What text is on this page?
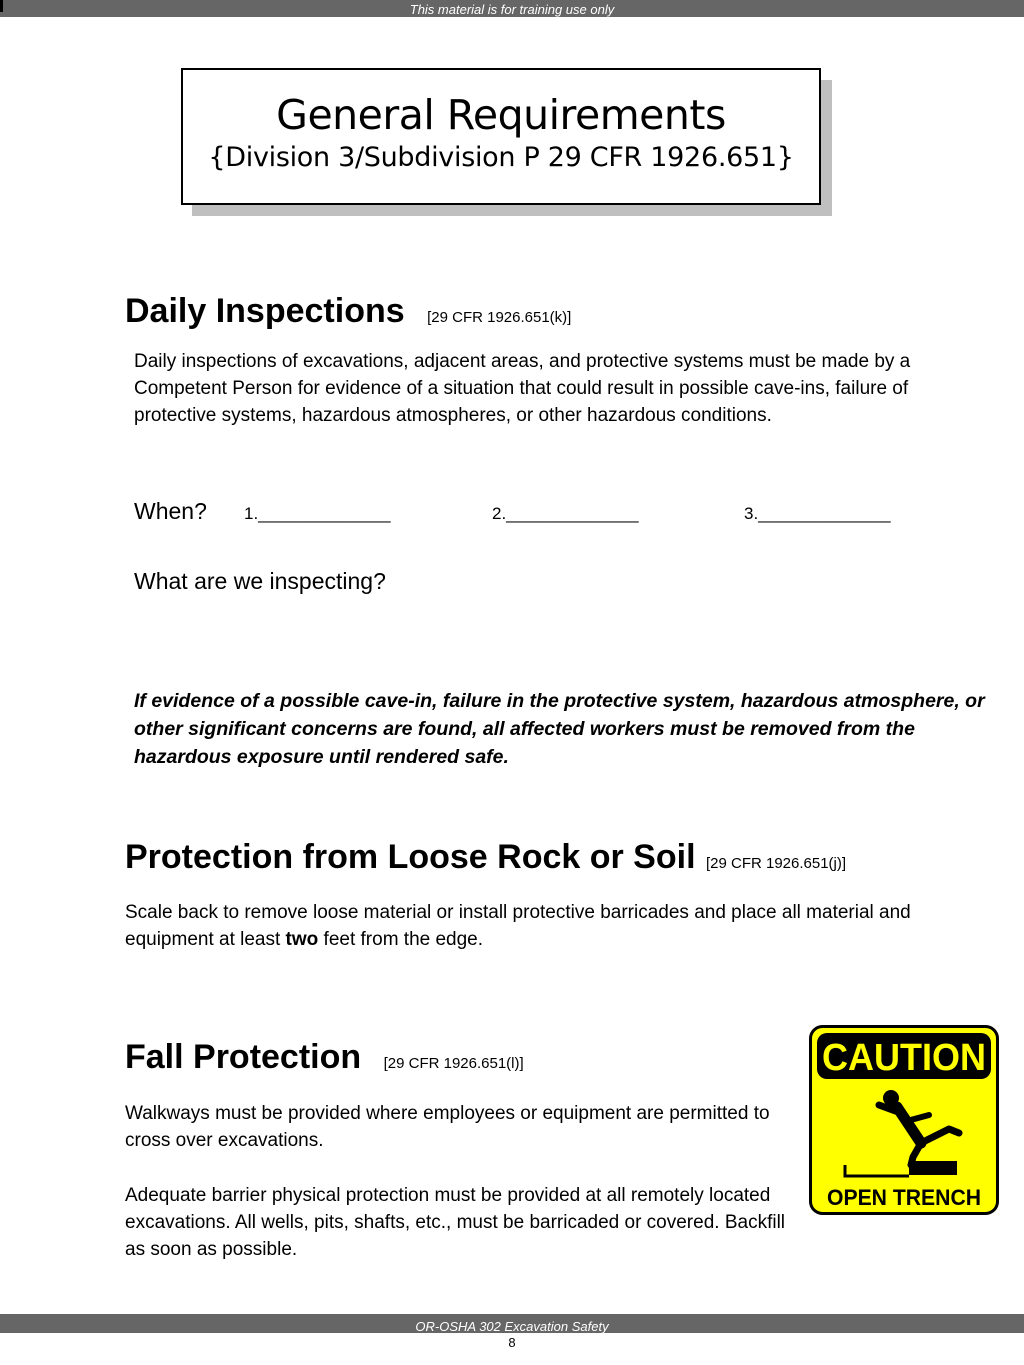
This material is for training use only
General Requirements
{Division 3/Subdivision P 29 CFR 1926.651}
Daily Inspections [29 CFR 1926.651(k)]
Daily inspections of excavations, adjacent areas, and protective systems must be made by a Competent Person for evidence of a situation that could result in possible cave-ins, failure of protective systems, hazardous atmospheres, or other hazardous conditions.
When? 1.______________	2.______________	3.______________
What are we inspecting?
If evidence of a possible cave-in, failure in the protective system, hazardous atmosphere, or other significant concerns are found, all affected workers must be removed from the hazardous exposure until rendered safe.
Protection from Loose Rock or Soil [29 CFR 1926.651(j)]
Scale back to remove loose material or install protective barricades and place all material and equipment at least two feet from the edge.
Fall Protection [29 CFR 1926.651(l)]
Walkways must be provided where employees or equipment are permitted to cross over excavations.
Adequate barrier physical protection must be provided at all remotely located excavations. All wells, pits, shafts, etc., must be barricaded or covered. Backfill as soon as possible.
CAUTION
OPEN TRENCH
OR-OSHA 302 Excavation Safety
8
